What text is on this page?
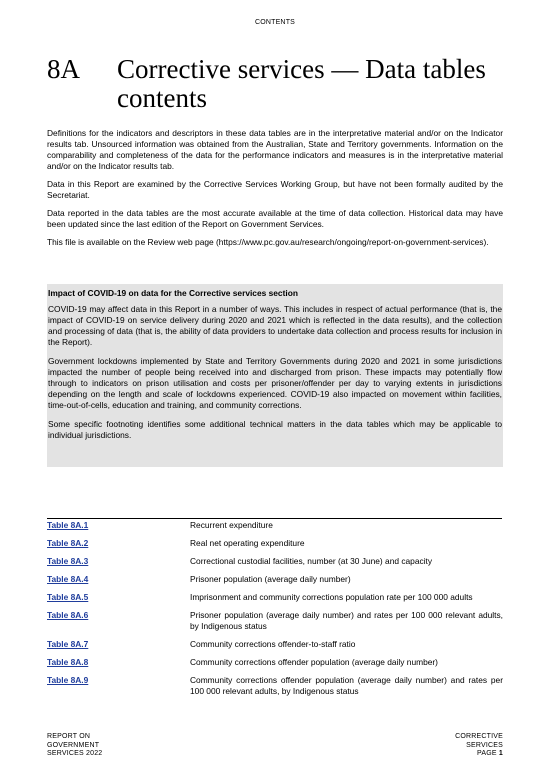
CONTENTS
8A Corrective services — Data tables contents

Definitions for the indicators and descriptors in these data tables are in the interpretative material and/or on the Indicator results tab. Unsourced information was obtained from the Australian, State and Territory governments. Information on the comparability and completeness of the data for the performance indicators and measures is in the interpretative material and/or on the Indicator results tab.

Data in this Report are examined by the Corrective Services Working Group, but have not been formally audited by the Secretariat.

Data reported in the data tables are the most accurate available at the time of data collection. Historical data may have been updated since the last edition of the Report on Government Services.

This file is available on the Review web page (https://www.pc.gov.au/research/ongoing/report-on-government-services).

Impact of COVID-19 on data for the Corrective services section

COVID-19 may affect data in this Report in a number of ways. This includes in respect of actual performance (that is, the impact of COVID-19 on service delivery during 2020 and 2021 which is reflected in the data results), and the collection and processing of data (that is, the ability of data providers to undertake data collection and process results for inclusion in the Report).

Government lockdowns implemented by State and Territory Governments during 2020 and 2021 in some jurisdictions impacted the number of people being received into and discharged from prison. These impacts may potentially flow through to indicators on prison utilisation and costs per prisoner/offender per day to varying extents in jurisdictions depending on the length and scale of lockdowns experienced. COVID-19 also impacted on movement within facilities, time-out-of-cells, education and training, and community corrections.

Some specific footnoting identifies some additional technical matters in the data tables which may be applicable to individual jurisdictions.

Table 8A.1	Recurrent expenditure
Table 8A.2	Real net operating expenditure
Table 8A.3	Correctional custodial facilities, number (at 30 June) and capacity
Table 8A.4	Prisoner population (average daily number)
Table 8A.5	Imprisonment and community corrections population rate per 100 000 adults
Table 8A.6	Prisoner population (average daily number) and rates per 100 000 relevant adults, by Indigenous status
Table 8A.7	Community corrections offender-to-staff ratio
Table 8A.8	Community corrections offender population (average daily number)
Table 8A.9	Community corrections offender population (average daily number) and rates per 100 000 relevant adults, by Indigenous status
REPORT ON
GOVERNMENT
SERVICES 2022
CORRECTIVE
SERVICES
PAGE 1
